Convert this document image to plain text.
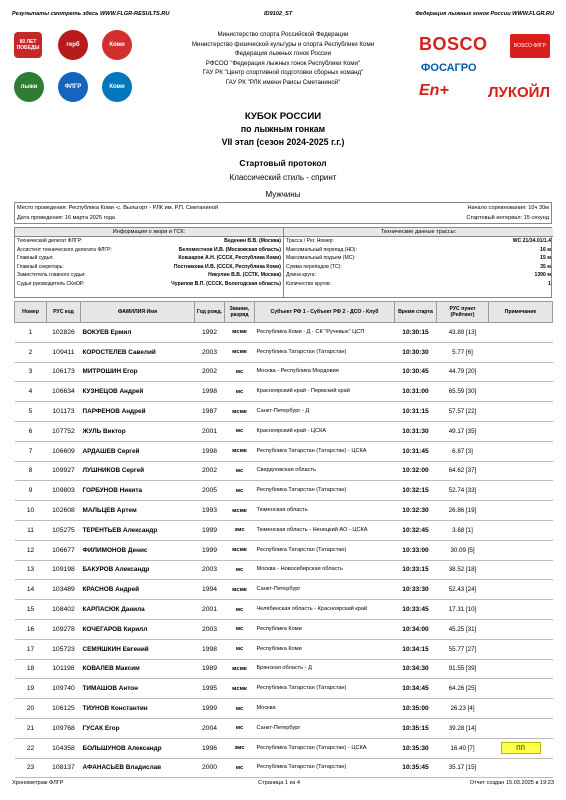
Результаты смотреть здесь WWW.FLGR-RESULTS.RU	ID9102_ST	Федерация лыжных гонок России WWW.FLGR.RU
80 ЛЕТ ПОБЕДЫ	герб	Коми
лыжи	ФЛГР	Коми
Министерство спорта Российской Федерации
Министерство физической культуры и спорта Республики Коми
Федерация лыжных гонок России
РФСОО "Федерация лыжных гонок Республики Коми"
ГАУ РК "Центр спортивной подготовки сборных команд"
ГАУ РК "РЛК имени Раисы Сметаниной"
BOSCO	BOSCO ФЛГР
ФОСАГРО
En+	ЛУКОЙЛ
КУБОК РОССИИ
по лыжным гонкам
VII этап (сезон 2024-2025 г.г.)
Стартовый протокол
Классический стиль - спринт
Мужчины
Место проведения: Республика Коми -с. Выльгорт - РЛК им. Р.П. Сметаниной	Начало соревнования: 10ч 30м
Дата проведения: 16 марта 2025 года	Стартовый интервал: 15 секунд
Информация о жюри и ГСК:
Технический делегат ФЛГР:	Веденин В.В. (Москва)
Ассистент технического делегата ФЛГР:	Беломестнов И.В. (Московская область)
Главный судья:	Кокшаров А.Н. (СССК, Республика Коми)
Главный секретарь:	Постникова И.В. (СССК, Республика Коми)
Заместитель главного судьи:	Никулин В.В. (ССТК, Москва)
Судья руководитель СКиОР:	Чурилов В.П. (СССК, Вологодская область)
Технические данные трассы:
Трасса / Рег. Номер:	WC 21/34.01/1.4
Максимальный перепад (HD):	16 м
Максимальный подъем (MC):	15 м
Сумма перепадов (TC):	35 м
Длина круга:	1390 м
Количество кругов:	1
Номер	РУС код	ФАМИЛИЯ Имя	Год рожд.	Звание, разряд	Субъект РФ 1 - Субъект РФ 2 - ДСО - Клуб	Время старта	РУС пункт (Рейтинг)	Примечание
1	102826	ВОКУЕВ Ермил	1992	мсмк	Республика Коми - Д - СК "Ручевых" ЦСП	10:30:15	43.89 [13]	
2	109411	КОРОСТЕЛЕВ Савелий	2003	мсмк	Республика Татарстан (Татарстан)	10:30:30	5.77 [6]	
3	106173	МИТРОШИН Егор	2002	мс	Москва - Республика Мордовия	10:30:45	44.79 [20]	
4	106634	КУЗНЕЦОВ Андрей	1998	мс	Красноярский край - Пермский край	10:31:00	65.59 [30]	
5	101173	ПАРФЕНОВ Андрей	1987	мсмк	Санкт-Петербург - Д	10:31:15	57.57 [22]	
6	107752	ЖУЛЬ Виктор	2001	мс	Красноярский край - ЦСКА	10:31:30	49.17 [35]	
7	106609	АРДАШЕВ Сергей	1998	мсмк	Республика Татарстан (Татарстан) - ЦСКА	10:31:45	6.87 [3]	
8	109927	ЛУШНИКОВ Сергей	2002	мс	Свердловская область	10:32:00	64.62 [37]	
9	109803	ГОРБУНОВ Никита	2005	мс	Республика Татарстан (Татарстан)	10:32:15	52.74 [33]	
10	102608	МАЛЬЦЕВ Артем	1993	мсмк	Тюменская область	10:32:30	26.86 [19]	
11	105275	ТЕРЕНТЬЕВ Александр	1999	змс	Тюменская область - Ненецкий АО - ЦСКА	10:32:45	3.68 [1]	
12	106677	ФИЛИМОНОВ Денис	1999	мсмк	Республика Татарстан (Татарстан)	10:33:00	30.09 [5]	
13	109198	БАКУРОВ Александр	2003	мс	Москва - Новосибирская область	10:33:15	38.52 [18]	
14	103489	КРАСНОВ Андрей	1994	мсмк	Санкт-Петербург	10:33:30	52.43 [24]	
15	108402	КАРПАСЮК Данила	2001	мс	Челябинская область - Красноярский край	10:33:45	17.31 [10]	
16	109278	КОЧЕГАРОВ Кирилл	2003	мс	Республика Коми	10:34:00	45.25 [31]	
17	105723	СЕМЯШКИН Евгений	1998	мс	Республика Коми	10:34:15	55.77 [27]	
18	101198	КОВАЛЕВ Максим	1989	мсмк	Брянская область - Д	10:34:30	91.55 [39]	
19	109740	ТИМАШОВ Антон	1995	мсмк	Республика Татарстан (Татарстан)	10:34:45	64.26 [25]	
20	106125	ТИУНОВ Константин	1999	мс	Москва	10:35:00	26.23 [4]	
21	109768	ГУСАК Егор	2004	мс	Санкт-Петербург	10:35:15	39.28 [14]	
22	104358	БОЛЬШУНОВ Александр	1996	змс	Республика Татарстан (Татарстан) - ЦСКА	10:35:30	16.40 [7]	ПП
23	108137	АФАНАСЬЕВ Владислав	2000	мс	Республика Татарстан (Татарстан)	10:35:45	35.17 [15]	
Хронометраж ФЛГР	Страница 1 из 4	Отчет создан 15.03.2025 в 19:23
